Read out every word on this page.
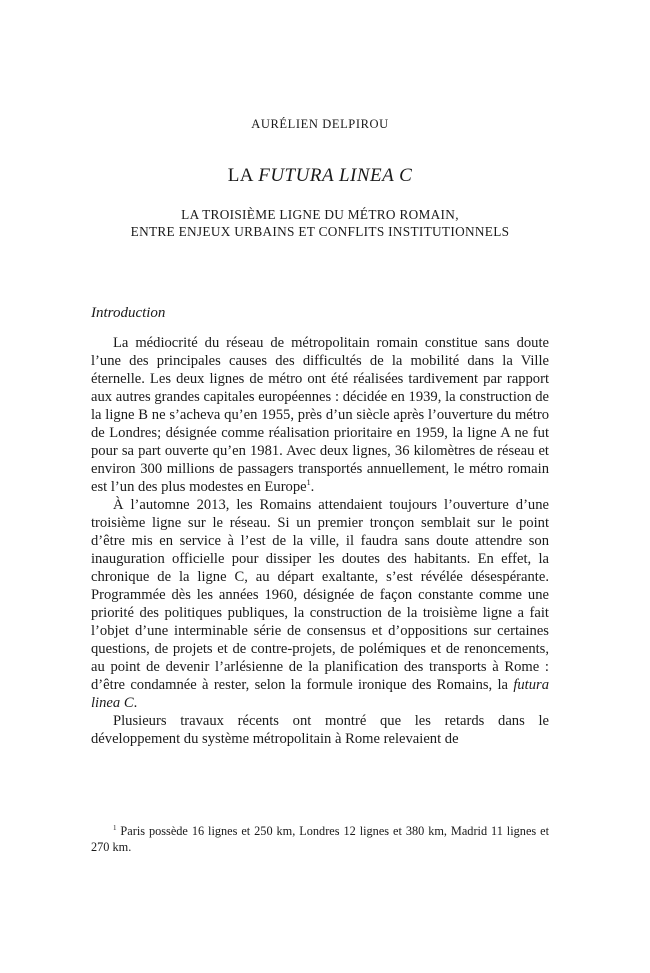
AURÉLIEN DELPIROU
LA FUTURA LINEA C
LA TROISIÈME LIGNE DU MÉTRO ROMAIN,
ENTRE ENJEUX URBAINS ET CONFLITS INSTITUTIONNELS
Introduction

La médiocrité du réseau de métropolitain romain constitue sans doute l’une des principales causes des difficultés de la mobilité dans la Ville éternelle. Les deux lignes de métro ont été réalisées tardivement par rapport aux autres grandes capitales européennes : décidée en 1939, la construction de la ligne B ne s’acheva qu’en 1955, près d’un siècle après l’ouverture du métro de Londres; désignée comme réalisation prioritaire en 1959, la ligne A ne fut pour sa part ouverte qu’en 1981. Avec deux lignes, 36 kilomètres de réseau et environ 300 millions de passagers transportés annuellement, le métro romain est l’un des plus modestes en Europe$^1$.

À l’automne 2013, les Romains attendaient toujours l’ouverture d’une troisième ligne sur le réseau. Si un premier tronçon semblait sur le point d’être mis en service à l’est de la ville, il faudra sans doute attendre son inauguration officielle pour dissiper les doutes des habitants. En effet, la chronique de la ligne C, au départ exaltante, s’est révélée désespérante. Programmée dès les années 1960, désignée de façon constante comme une priorité des politiques publiques, la construction de la troisième ligne a fait l’objet d’une interminable série de consensus et d’oppositions sur certaines questions, de projets et de contre-projets, de polémiques et de renoncements, au point de devenir l’arlésienne de la planification des transports à Rome : d’être condamnée à rester, selon la formule ironique des Romains, la futura linea C.

Plusieurs travaux récents ont montré que les retards dans le développement du système métropolitain à Rome relevaient de

$^1$ Paris possède 16 lignes et 250 km, Londres 12 lignes et 380 km, Madrid 11 lignes et 270 km.
